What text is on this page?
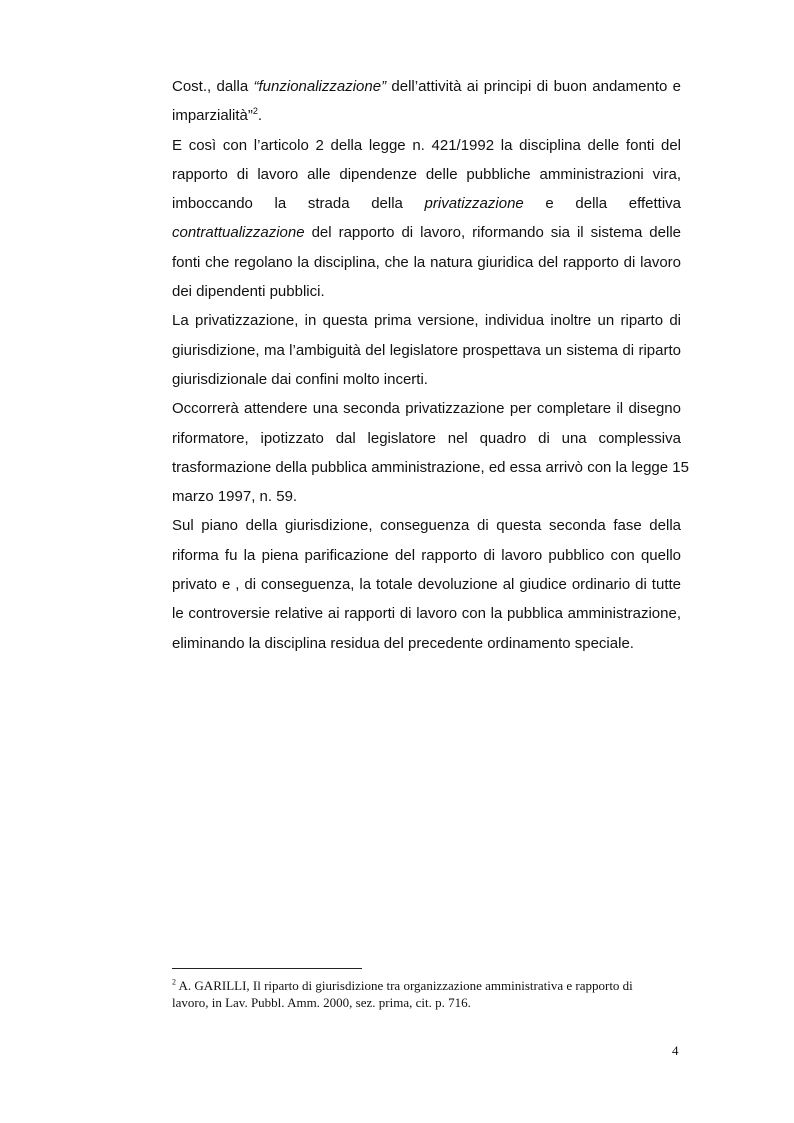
Cost., dalla “funzionalizzazione” dell’attività ai principi di buon andamento e
imparzialità”$^2$.

E così con l’articolo 2 della legge n. 421/1992 la disciplina delle fonti del
rapporto di lavoro alle dipendenze delle pubbliche amministrazioni vira,
imboccando la strada della privatizzazione e della effettiva
contrattualizzazione del rapporto di lavoro, riformando sia il sistema delle
fonti che regolano la disciplina, che la natura giuridica del rapporto di lavoro
dei dipendenti pubblici.

La privatizzazione, in questa prima versione, individua inoltre un riparto di
giurisdizione, ma l’ambiguità del legislatore prospettava un sistema di riparto
giurisdizionale dai confini molto incerti.

Occorrerà attendere una seconda privatizzazione per completare il disegno
riformatore, ipotizzato dal legislatore nel quadro di una complessiva
trasformazione della pubblica amministrazione, ed essa arrivò con la legge 15
marzo 1997, n. 59.

Sul piano della giurisdizione, conseguenza di questa seconda fase della
riforma fu la piena parificazione del rapporto di lavoro pubblico con quello
privato e , di conseguenza, la totale devoluzione al giudice ordinario di tutte
le controversie relative ai rapporti di lavoro con la pubblica amministrazione,
eliminando la disciplina residua del precedente ordinamento speciale.

$^2$ A. GARILLI, Il riparto di giurisdizione tra organizzazione amministrativa e rapporto di
lavoro, in Lav. Pubbl. Amm. 2000, sez. prima, cit. p. 716.
4
